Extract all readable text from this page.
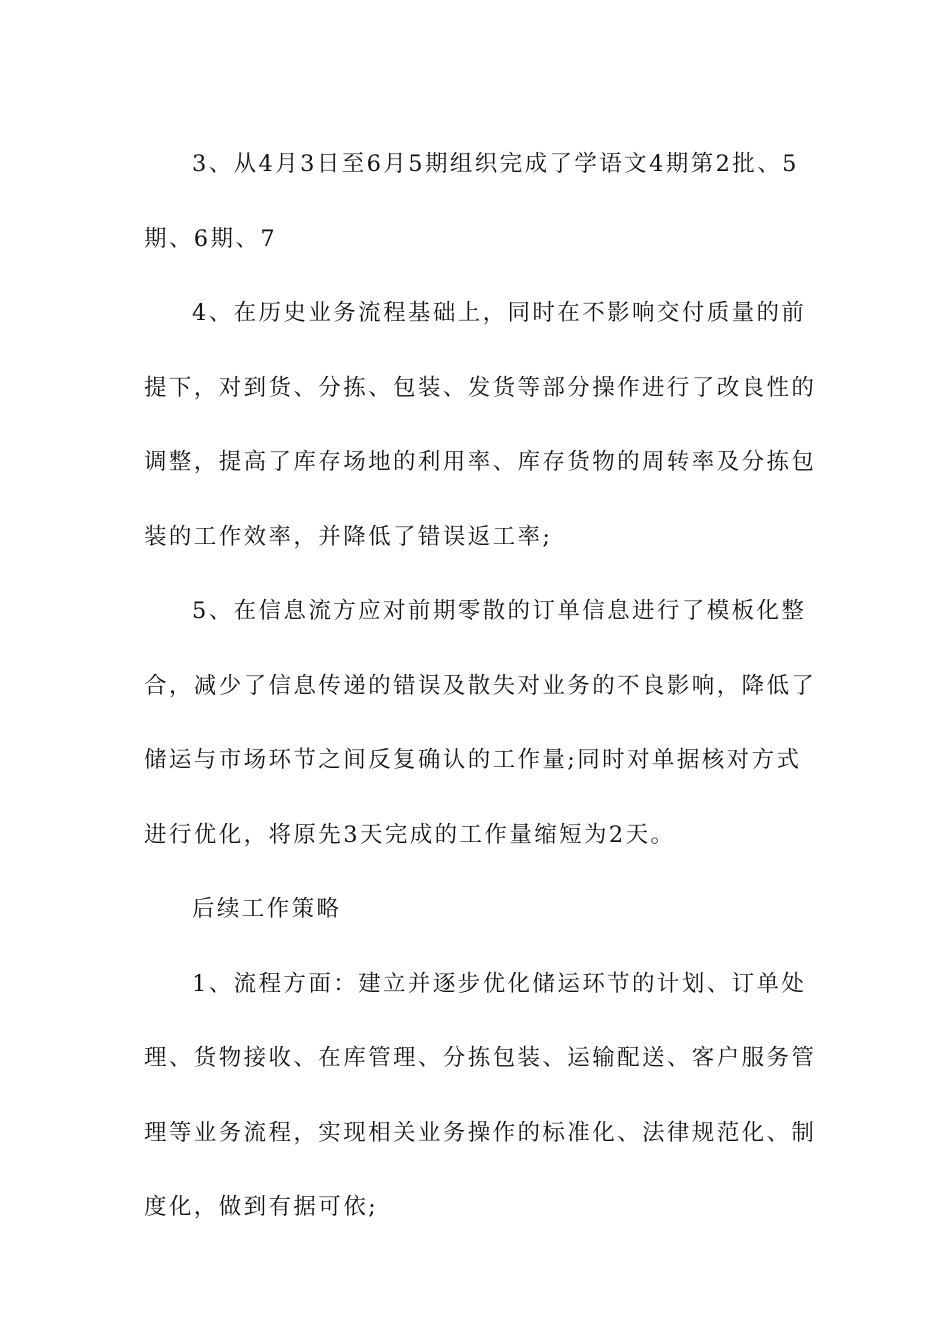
3、从4月3日至6月5期组织完成了学语文4期第2批、5期、6期、7

4、在历史业务流程基础上，同时在不影响交付质量的前提下，对到货、分拣、包装、发货等部分操作进行了改良性的调整，提高了库存场地的利用率、库存货物的周转率及分拣包装的工作效率，并降低了错误返工率;

5、在信息流方应对前期零散的订单信息进行了模板化整合，减少了信息传递的错误及散失对业务的不良影响，降低了储运与市场环节之间反复确认的工作量;同时对单据核对方式进行优化，将原先3天完成的工作量缩短为2天。

后续工作策略

1、流程方面：建立并逐步优化储运环节的计划、订单处理、货物接收、在库管理、分拣包装、运输配送、客户服务管理等业务流程，实现相关业务操作的标准化、法律规范化、制度化，做到有据可依;
